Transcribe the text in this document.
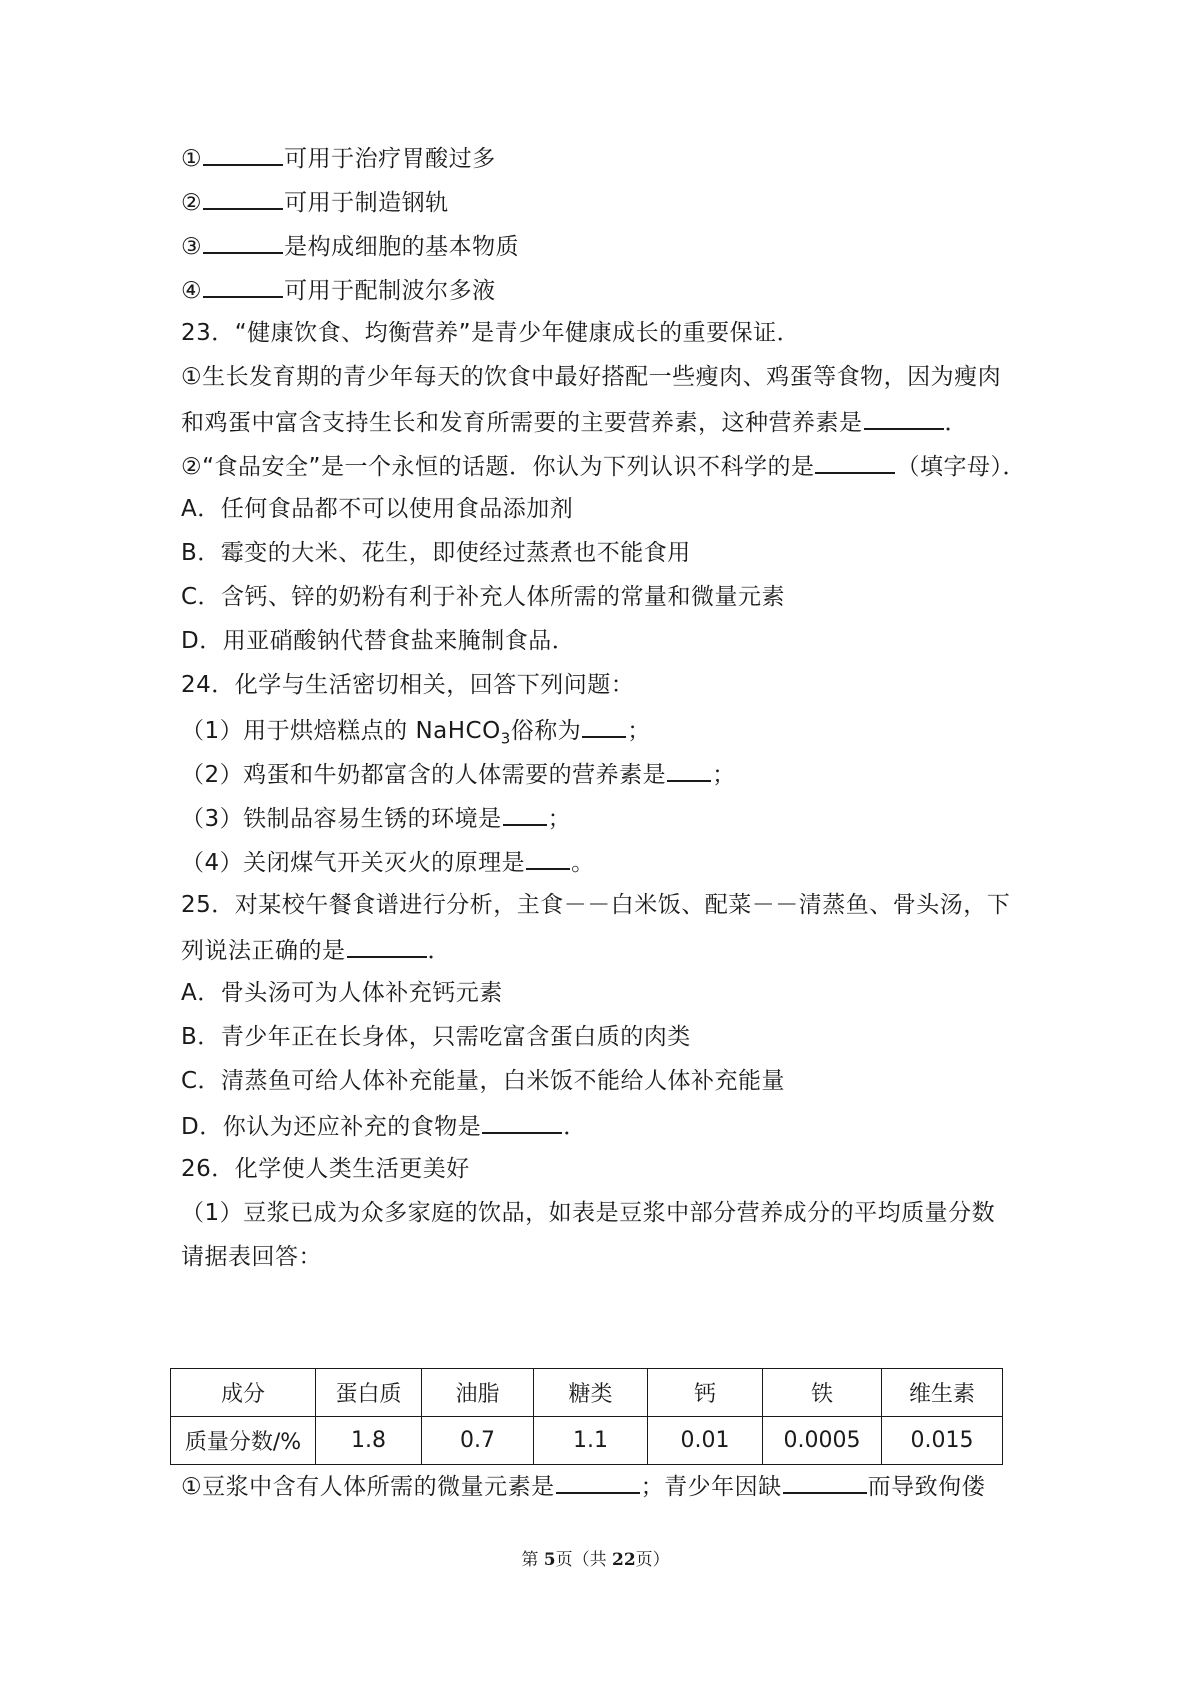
①	可用于治疗胃酸过多
②	可用于制造钢轨
③	是构成细胞的基本物质
④	可用于配制波尔多液
23．“健康饮食、均衡营养”是青少年健康成长的重要保证．
①生长发育期的青少年每天的饮食中最好搭配一些瘦肉、鸡蛋等食物，因为瘦肉
和鸡蛋中富含支持生长和发育所需要的主要营养素，这种营养素是	．
②“食品安全”是一个永恒的话题．你认为下列认识不科学的是	（填字母）．
A．任何食品都不可以使用食品添加剂
B．霉变的大米、花生，即使经过蒸煮也不能食用
C．含钙、锌的奶粉有利于补充人体所需的常量和微量元素
D．用亚硝酸钠代替食盐来腌制食品．
24．化学与生活密切相关，回答下列问题：
（1）用于烘焙糕点的 NaHCO$_3$俗称为 ；
（2）鸡蛋和牛奶都富含的人体需要的营养素是 ；
（3）铁制品容易生锈的环境是 ；
（4）关闭煤气开关灭火的原理是 。
25．对某校午餐食谱进行分析，主食－－白米饭、配菜－－清蒸鱼、骨头汤，下
列说法正确的是	．
A．骨头汤可为人体补充钙元素
B．青少年正在长身体，只需吃富含蛋白质的肉类
C．清蒸鱼可给人体补充能量，白米饭不能给人体补充能量
D．你认为还应补充的食物是	．
26．化学使人类生活更美好
（1）豆浆已成为众多家庭的饮品，如表是豆浆中部分营养成分的平均质量分数
请据表回答：
成分	蛋白质	油脂	糖类	钙	铁	维生素
质量分数/%	1.8	0.7	1.1	0.01	0.0005	0.015
①豆浆中含有人体所需的微量元素是	；青少年因缺	而导致佝偻
第 5页（共 22页）
